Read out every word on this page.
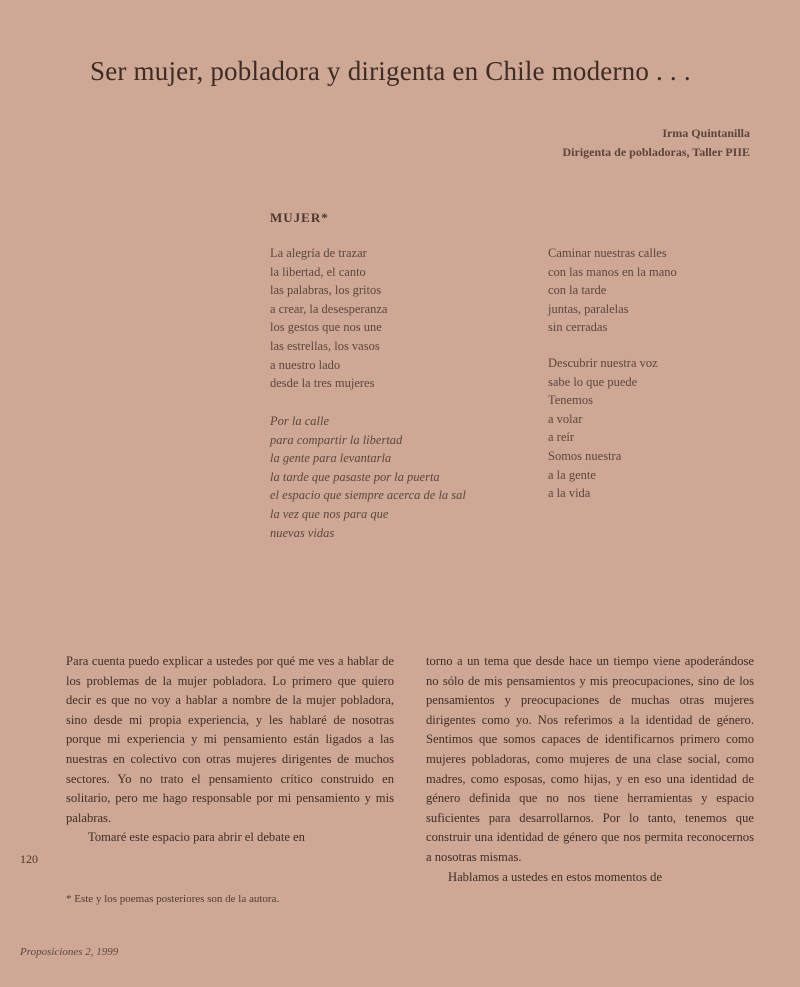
Ser mujer, pobladora y dirigenta en Chile moderno . . .
Irma Quintanilla
Dirigenta de pobladoras, Taller PIIE
MUJER*
La alegría de trazar
la libertad, el canto
las palabras, los gritos
a crear, la desesperanza
los gestos que nos une
las estrellas, los vasos
a nuestro lado
desde la tres mujeres
Por la calle
para compartir la libertad
la gente para levantarla
la tarde que pasaste por la puerta
el espacio que siempre acerca de la sal
la vez que nos para que
nuevas vidas
Caminar nuestras calles
con las manos en la mano
con la tarde
juntas, paralelas
sin cerradas
Descubrir nuestra voz
sabe lo que puede
Tenemos
a volar
a reír
Somos nuestra
a la gente
a la vida

Para cuenta puedo explicar a ustedes por qué me ves a hablar de los problemas de la mujer pobladora. Lo primero que quiero decir es que no voy a hablar a nombre de la mujer pobladora, sino desde mi propia experiencia, y les hablaré de nosotras porque mi experiencia y mi pensamiento están ligados a las nuestras en colectivo con otras mujeres dirigentes de muchos sectores. Yo no trato el pensamiento crítico construido en solitario, pero me hago responsable por mi pensamiento y mis palabras.

Tomaré este espacio para abrir el debate en

torno a un tema que desde hace un tiempo viene apoderándose no sólo de mis pensamientos y mis preocupaciones, sino de los pensamientos y preocupaciones de muchas otras mujeres dirigentes como yo. Nos referimos a la identidad de género. Sentimos que somos capaces de identificarnos primero como mujeres pobladoras, como mujeres de una clase social, como madres, como esposas, como hijas, y en eso una identidad de género definida que no nos tiene herramientas y espacio suficientes para desarrollarnos. Por lo tanto, tenemos que construir una identidad de género que nos permita reconocernos a nosotras mismas.

Hablamos a ustedes en estos momentos de

120
* Este y los poemas posteriores son de la autora.
Proposiciones 2, 1999
